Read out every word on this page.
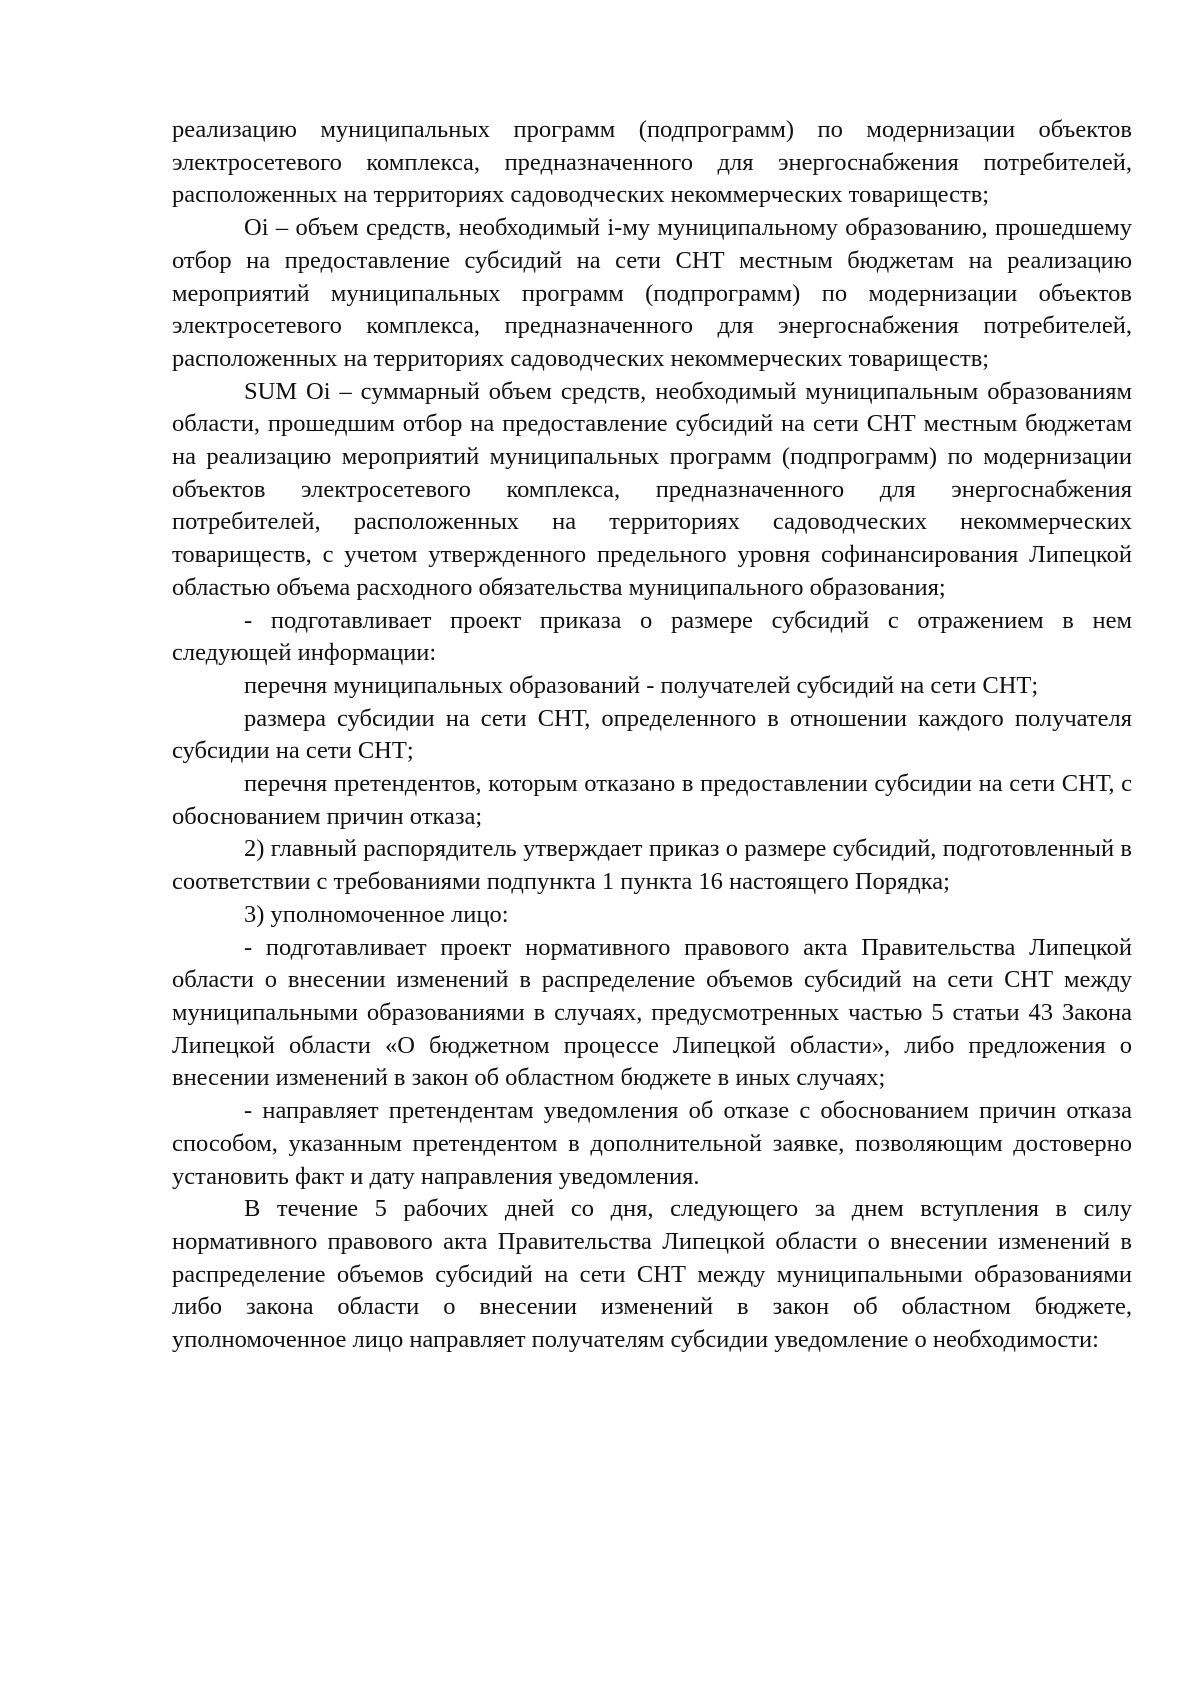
реализацию муниципальных программ (подпрограмм) по модернизации объектов электросетевого комплекса, предназначенного для энергоснабжения потребителей, расположенных на территориях садоводческих некоммерческих товариществ;

Oi – объем средств, необходимый i-му муниципальному образованию, прошедшему отбор на предоставление субсидий на сети СНТ местным бюджетам на реализацию мероприятий муниципальных программ (подпрограмм) по модернизации объектов электросетевого комплекса, предназначенного для энергоснабжения потребителей, расположенных на территориях садоводческих некоммерческих товариществ;

SUM Oi – суммарный объем средств, необходимый муниципальным образованиям области, прошедшим отбор на предоставление субсидий на сети СНТ местным бюджетам на реализацию мероприятий муниципальных программ (подпрограмм) по модернизации объектов электросетевого комплекса, предназначенного для энергоснабжения потребителей, расположенных на территориях садоводческих некоммерческих товариществ, с учетом утвержденного предельного уровня софинансирования Липецкой областью объема расходного обязательства муниципального образования;

- подготавливает проект приказа о размере субсидий с отражением в нем следующей информации:

перечня муниципальных образований - получателей субсидий на сети СНТ;

размера субсидии на сети СНТ, определенного в отношении каждого получателя субсидии на сети СНТ;

перечня претендентов, которым отказано в предоставлении субсидии на сети СНТ, с обоснованием причин отказа;

2) главный распорядитель утверждает приказ о размере субсидий, подготовленный в соответствии с требованиями подпункта 1 пункта 16 настоящего Порядка;

3) уполномоченное лицо:

- подготавливает проект нормативного правового акта Правительства Липецкой области о внесении изменений в распределение объемов субсидий на сети СНТ между муниципальными образованиями в случаях, предусмотренных частью 5 статьи 43 Закона Липецкой области «О бюджетном процессе Липецкой области», либо предложения о внесении изменений в закон об областном бюджете в иных случаях;

- направляет претендентам уведомления об отказе с обоснованием причин отказа способом, указанным претендентом в дополнительной заявке, позволяющим достоверно установить факт и дату направления уведомления.

В течение 5 рабочих дней со дня, следующего за днем вступления в силу нормативного правового акта Правительства Липецкой области о внесении изменений в распределение объемов субсидий на сети СНТ между муниципальными образованиями либо закона области о внесении изменений в закон об областном бюджете, уполномоченное лицо направляет получателям субсидии уведомление о необходимости:
